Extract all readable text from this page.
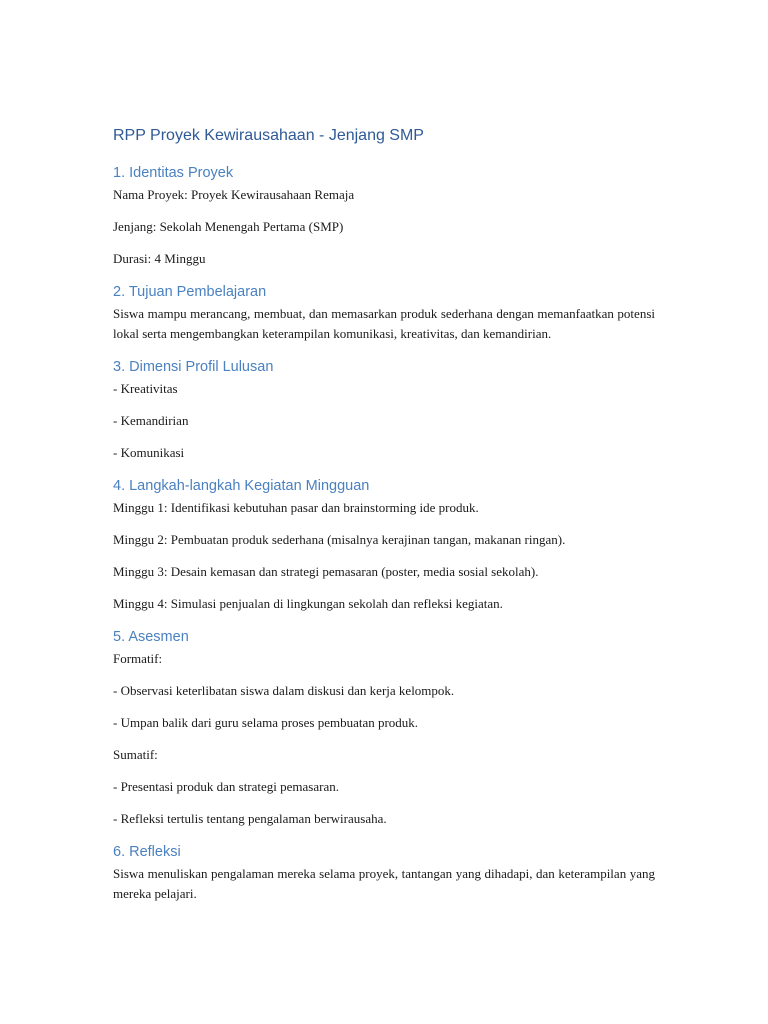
RPP Proyek Kewirausahaan - Jenjang SMP
1. Identitas Proyek

Nama Proyek: Proyek Kewirausahaan Remaja

Jenjang: Sekolah Menengah Pertama (SMP)

Durasi: 4 Minggu

2. Tujuan Pembelajaran

Siswa mampu merancang, membuat, dan memasarkan produk sederhana dengan memanfaatkan potensi lokal serta mengembangkan keterampilan komunikasi, kreativitas, dan kemandirian.

3. Dimensi Profil Lulusan

- Kreativitas

- Kemandirian

- Komunikasi

4. Langkah-langkah Kegiatan Mingguan

Minggu 1: Identifikasi kebutuhan pasar dan brainstorming ide produk.

Minggu 2: Pembuatan produk sederhana (misalnya kerajinan tangan, makanan ringan).

Minggu 3: Desain kemasan dan strategi pemasaran (poster, media sosial sekolah).

Minggu 4: Simulasi penjualan di lingkungan sekolah dan refleksi kegiatan.

5. Asesmen

Formatif:

- Observasi keterlibatan siswa dalam diskusi dan kerja kelompok.

- Umpan balik dari guru selama proses pembuatan produk.

Sumatif:

- Presentasi produk dan strategi pemasaran.

- Refleksi tertulis tentang pengalaman berwirausaha.

6. Refleksi

Siswa menuliskan pengalaman mereka selama proyek, tantangan yang dihadapi, dan keterampilan yang mereka pelajari.
